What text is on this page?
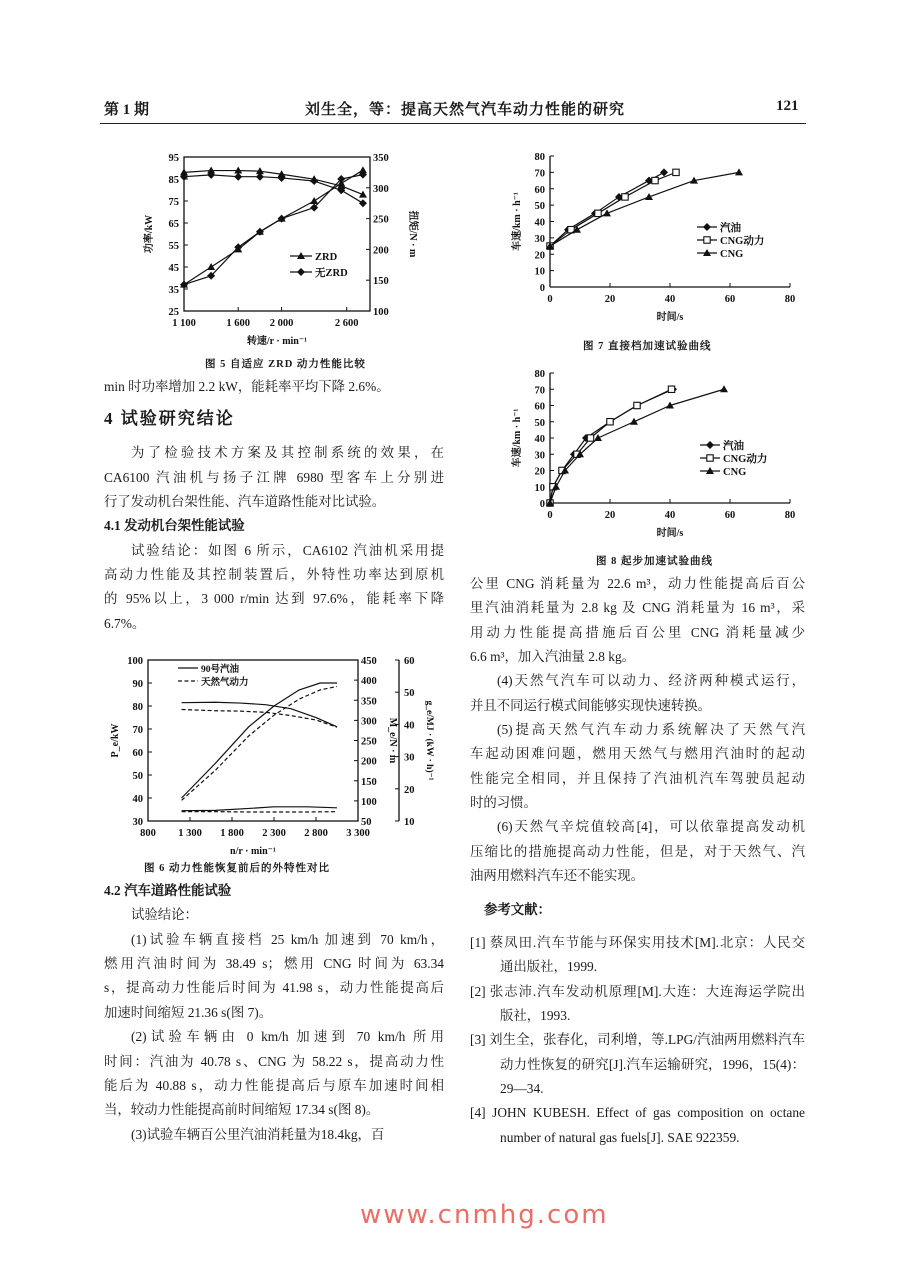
第 1 期	刘生全，等：提高天然气汽车动力性能的研究	121
min 时功率增加 2.2 kW，能耗率平均下降 2.6%。
4 试验研究结论
为了检验技术方案及其控制系统的效果，在
CA6100 汽油机与扬子江牌 6980 型客车上分别进
行了发动机台架性能、汽车道路性能对比试验。
4.1 发动机台架性能试验
试验结论：如图 6 所示，CA6102 汽油机采用提
高动力性能及其控制装置后，外特性功率达到原机
的 95%以上，3 000 r/min 达到 97.6%，能耗率下降
6.7%。
图 6 动力性能恢复前后的外特性对比
4.2 汽车道路性能试验
试验结论：
(1)试验车辆直接档 25 km/h 加速到 70 km/h，
燃用汽油时间为 38.49 s；燃用 CNG 时间为 63.34
s，提高动力性能后时间为 41.98 s，动力性能提高后
加速时间缩短 21.36 s(图 7)。
(2)试验车辆由 0 km/h 加速到 70 km/h 所用
时间：汽油为 40.78 s、CNG 为 58.22 s，提高动力性
能后为 40.88 s，动力性能提高后与原车加速时间相
当，较动力性能提高前时间缩短 17.34 s(图 8)。
(3)试验车辆百公里汽油消耗量为18.4kg，百
公里 CNG 消耗量为 22.6 m³，动力性能提高后百公
里汽油消耗量为 2.8 kg 及 CNG 消耗量为 16 m³，采
用动力性能提高措施后百公里 CNG 消耗量减少
6.6 m³，加入汽油量 2.8 kg。
(4)天然气汽车可以动力、经济两种模式运行，
并且不同运行模式间能够实现快速转换。
(5)提高天然气汽车动力系统解决了天然气汽
车起动困难问题，燃用天然气与燃用汽油时的起动
性能完全相同，并且保持了汽油机汽车驾驶员起动
时的习惯。
(6)天然气辛烷值较高[4]，可以依靠提高发动机
压缩比的措施提高动力性能，但是，对于天然气、汽
油两用燃料汽车还不能实现。
参考文献：
[1] 蔡凤田.汽车节能与环保实用技术[M].北京：人民交
通出版社，1999.
[2] 张志沛.汽车发动机原理[M].大连：大连海运学院出
版社，1993.
[3] 刘生全，张春化，司利增，等.LPG/汽油两用燃料汽车
动力性恢复的研究[J].汽车运输研究，1996，15(4)：
29—34.
[4] JOHN KUBESH. Effect of gas composition on octane
number of natural gas fuels[J]. SAE 922359.
图 5 自适应 ZRD 动力性能比较
图 7 直接档加速试验曲线
图 8 起步加速试验曲线
1 100	1 600 2 000	2 600
25
35
45
55
65
75
85
95
100
150
200
250
300
350
转速/r · min⁻¹
功率/kW	扭矩/N · m
ZRD
无ZRD
800 1 300 1 800 2 300 2 800 3 300
30
40
50
60
70
80
90
100
50
100
150
200
250
300
350
400
450
10
20
30
40
50
60
g_e/MJ · (kW · h)⁻¹
n/r · min⁻¹
P_e/kW	M_e/N · m
90号汽油
天然气动力
0	20	40	60	80
0
10
20
30
40
50
60
70
80
时间/s
车速/km · h⁻¹	汽油
CNG动力
CNG
0	20	40	60	80
0
10
20
30
40
50
60
70
80
时间/s
车速/km · h⁻¹	汽油
CNG动力
CNG
www.cnmhg.com
